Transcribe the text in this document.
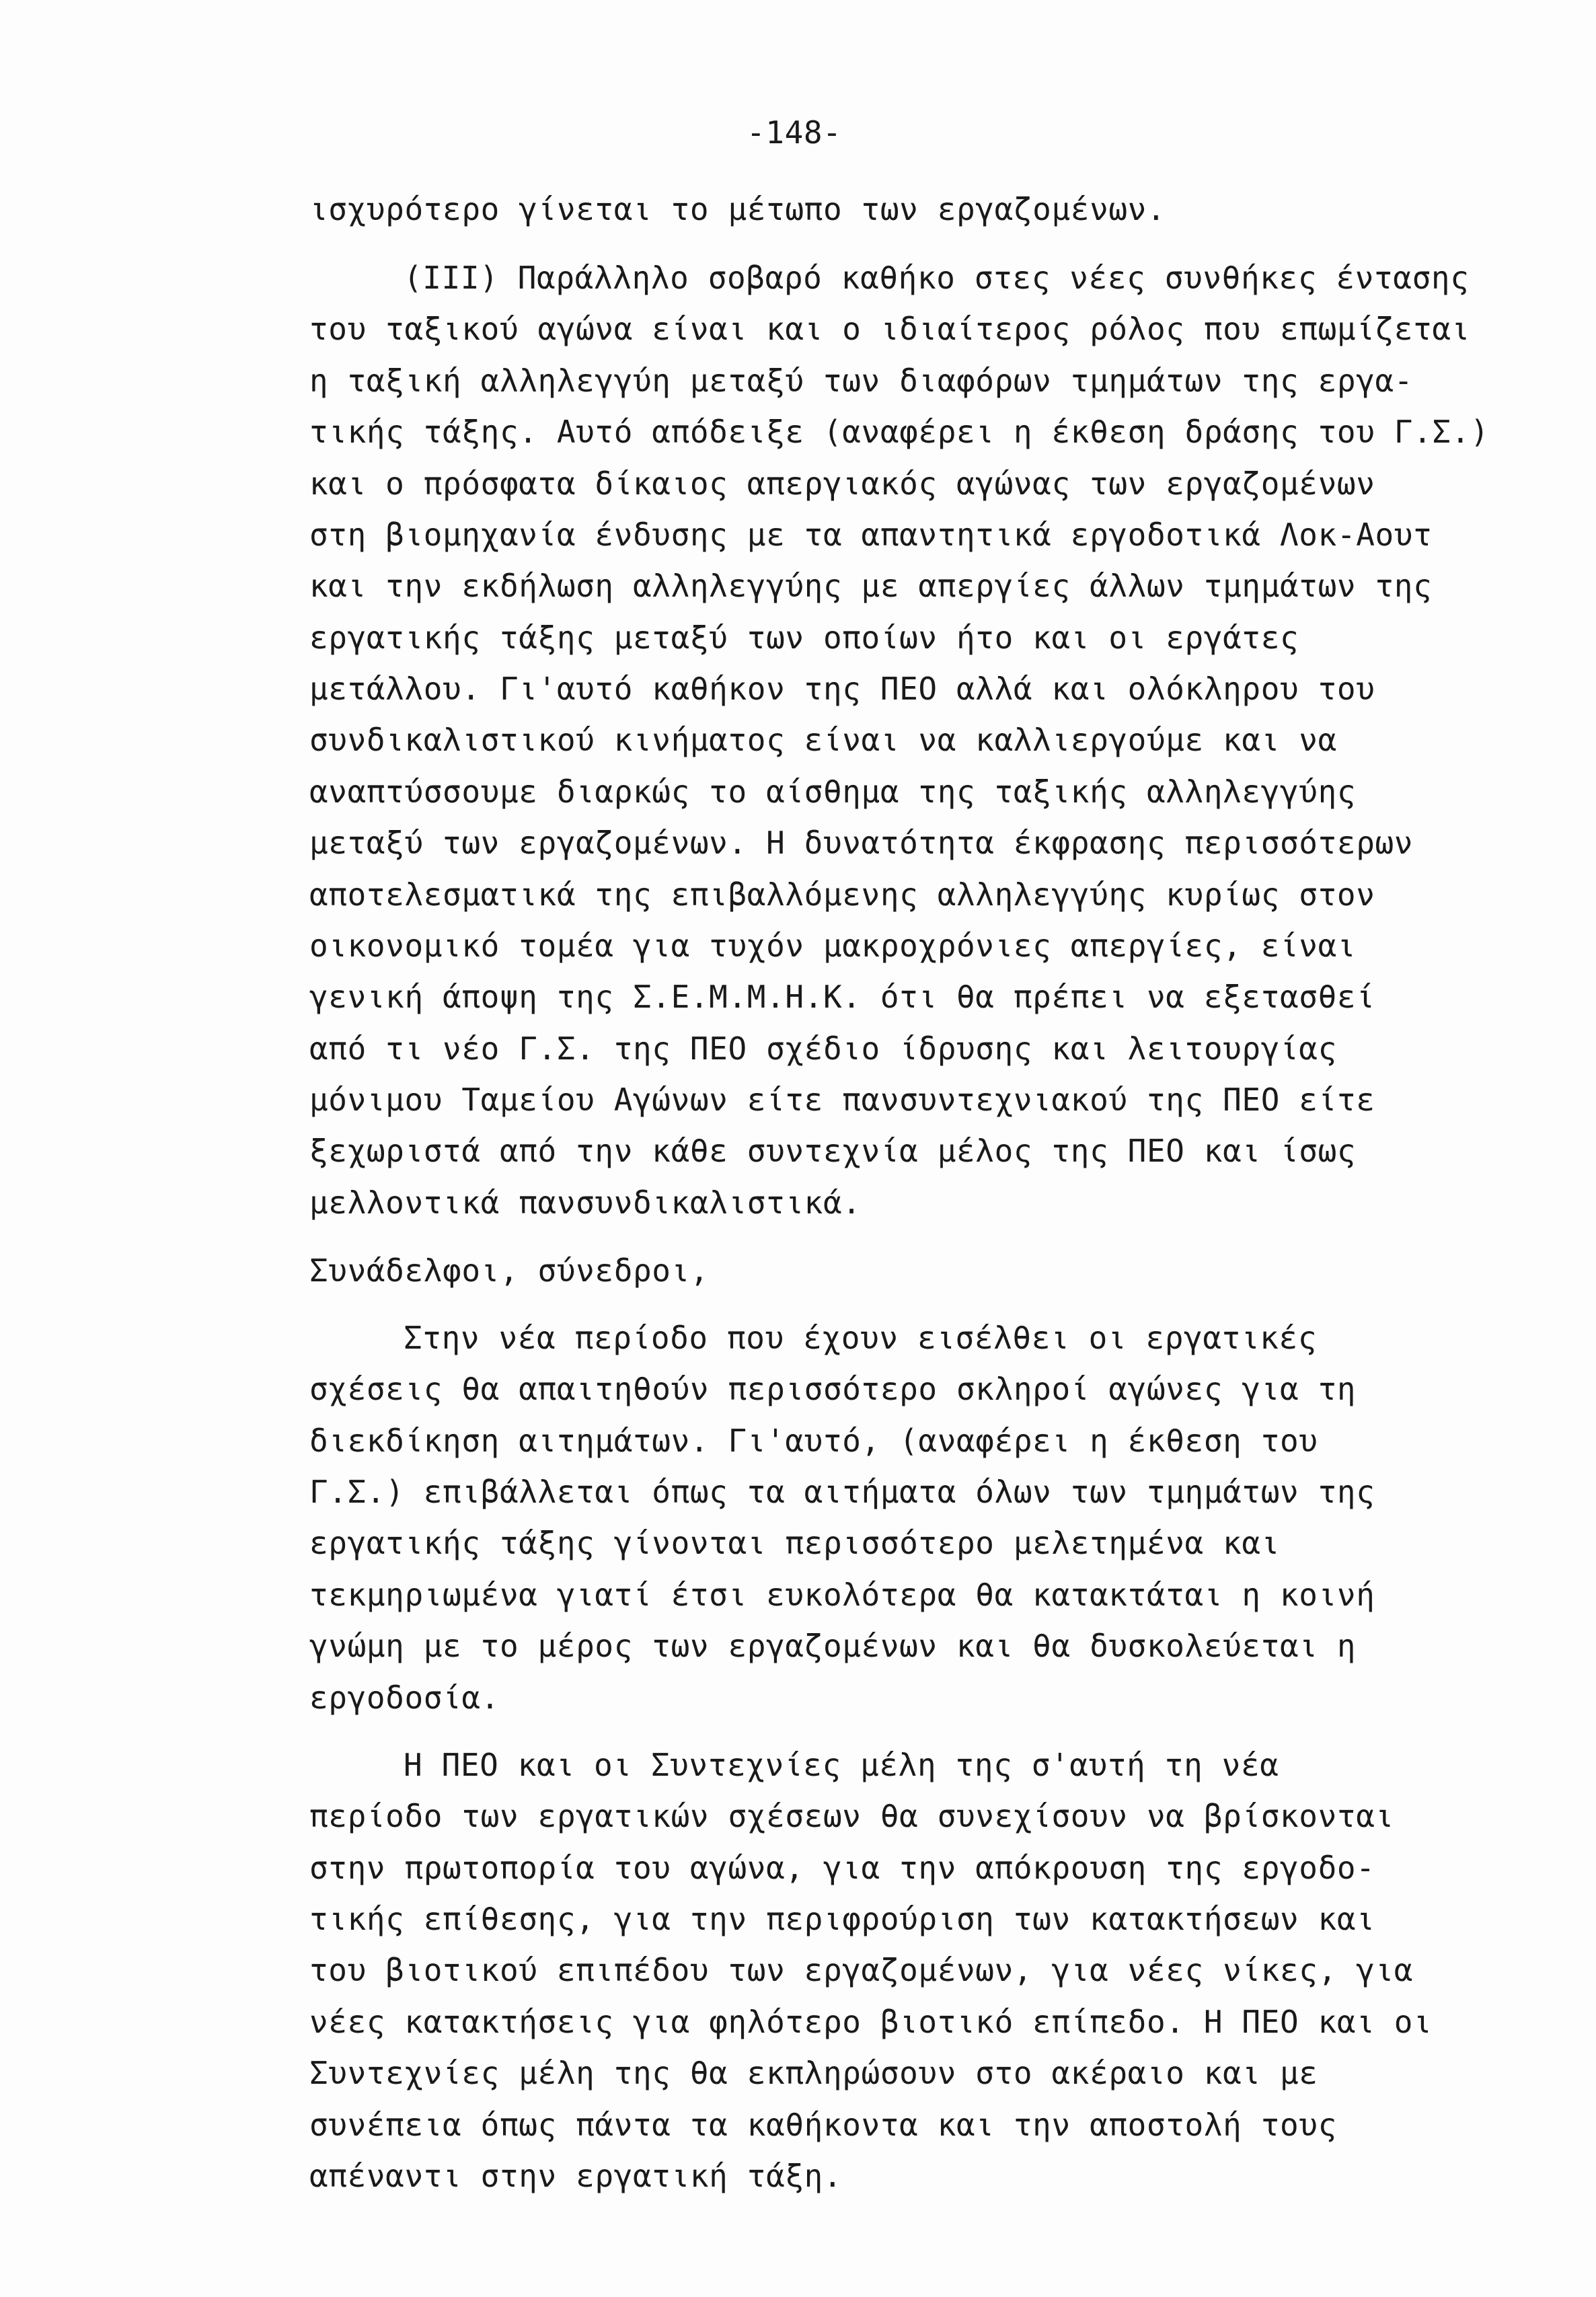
-148-
ισχυρότερο γίνεται το μέτωπο των εργαζομένων.
(ΙΙΙ) Παράλληλο σοβαρό καθήκο στες νέες συνθήκες έντασης
του ταξικού αγώνα είναι και ο ιδιαίτερος ρόλος που επωμίζεται
η ταξική αλληλεγγύη μεταξύ των διαφόρων τμημάτων της εργα-
τικής τάξης. Αυτό απόδειξε (αναφέρει η έκθεση δράσης του Γ.Σ.)
και ο πρόσφατα δίκαιος απεργιακός αγώνας των εργαζομένων
στη βιομηχανία ένδυσης με τα απαντητικά εργοδοτικά Λοκ-Αουτ
και την εκδήλωση αλληλεγγύης με απεργίες άλλων τμημάτων της
εργατικής τάξης μεταξύ των οποίων ήτο και οι εργάτες
μετάλλου. Γι'αυτό καθήκον της ΠΕΟ αλλά και ολόκληρου του
συνδικαλιστικού κινήματος είναι να καλλιεργούμε και να
αναπτύσσουμε διαρκώς το αίσθημα της ταξικής αλληλεγγύης
μεταξύ των εργαζομένων. Η δυνατότητα έκφρασης περισσότερων
αποτελεσματικά της επιβαλλόμενης αλληλεγγύης κυρίως στον
οικονομικό τομέα για τυχόν μακροχρόνιες απεργίες, είναι
γενική άποψη της Σ.Ε.Μ.Μ.Η.Κ. ότι θα πρέπει να εξετασθεί
από τι νέο Γ.Σ. της ΠΕΟ σχέδιο ίδρυσης και λειτουργίας
μόνιμου Ταμείου Αγώνων είτε πανσυντεχνιακού της ΠΕΟ είτε
ξεχωριστά από την κάθε συντεχνία μέλος της ΠΕΟ και ίσως
μελλοντικά πανσυνδικαλιστικά.
Συνάδελφοι, σύνεδροι,
Στην νέα περίοδο που έχουν εισέλθει οι εργατικές
σχέσεις θα απαιτηθούν περισσότερο σκληροί αγώνες για τη
διεκδίκηση αιτημάτων. Γι'αυτό, (αναφέρει η έκθεση του
Γ.Σ.) επιβάλλεται όπως τα αιτήματα όλων των τμημάτων της
εργατικής τάξης γίνονται περισσότερο μελετημένα και
τεκμηριωμένα γιατί έτσι ευκολότερα θα κατακτάται η κοινή
γνώμη με το μέρος των εργαζομένων και θα δυσκολεύεται η
εργοδοσία.
Η ΠΕΟ και οι Συντεχνίες μέλη της σ'αυτή τη νέα
περίοδο των εργατικών σχέσεων θα συνεχίσουν να βρίσκονται
στην πρωτοπορία του αγώνα, για την απόκρουση της εργοδο-
τικής επίθεσης, για την περιφρούριση των κατακτήσεων και
του βιοτικού επιπέδου των εργαζομένων, για νέες νίκες, για
νέες κατακτήσεις για φηλότερο βιοτικό επίπεδο. Η ΠΕΟ και οι
Συντεχνίες μέλη της θα εκπληρώσουν στο ακέραιο και με
συνέπεια όπως πάντα τα καθήκοντα και την αποστολή τους
απέναντι στην εργατική τάξη.
